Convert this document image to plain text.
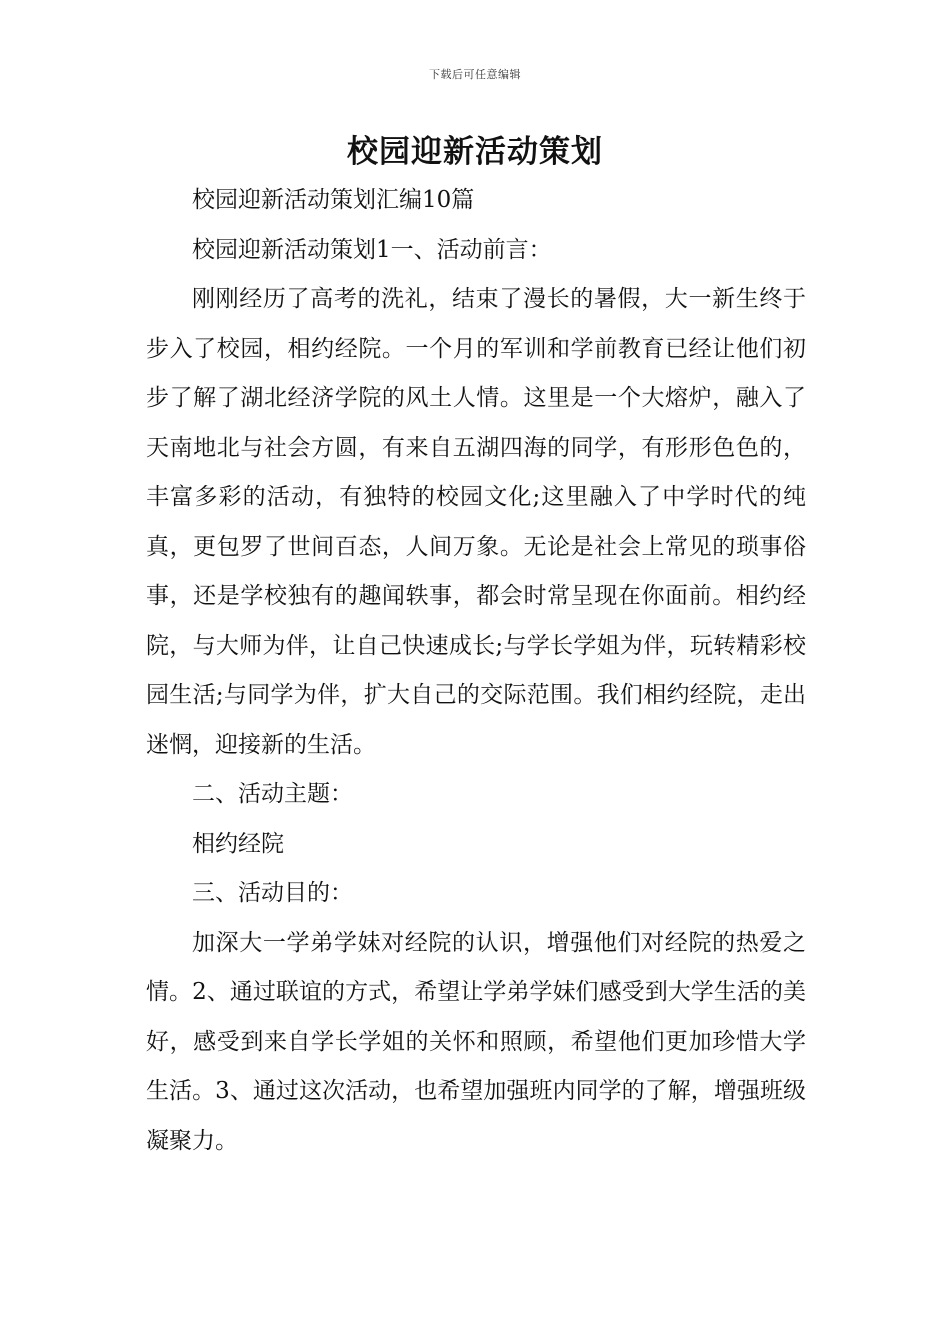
下载后可任意编辑
校园迎新活动策划

校园迎新活动策划汇编10篇

校园迎新活动策划1一、活动前言：

刚刚经历了高考的洗礼，结束了漫长的暑假，大一新生终于步入了校园，相约经院。一个月的军训和学前教育已经让他们初步了解了湖北经济学院的风土人情。这里是一个大熔炉，融入了天南地北与社会方圆，有来自五湖四海的同学，有形形色色的，丰富多彩的活动，有独特的校园文化;这里融入了中学时代的纯真，更包罗了世间百态，人间万象。无论是社会上常见的琐事俗事，还是学校独有的趣闻轶事，都会时常呈现在你面前。相约经院，与大师为伴，让自己快速成长;与学长学姐为伴，玩转精彩校园生活;与同学为伴，扩大自己的交际范围。我们相约经院，走出迷惘，迎接新的生活。

二、活动主题：

相约经院

三、活动目的：

加深大一学弟学妹对经院的认识，增强他们对经院的热爱之情。2、通过联谊的方式，希望让学弟学妹们感受到大学生活的美好，感受到来自学长学姐的关怀和照顾，希望他们更加珍惜大学生活。3、通过这次活动，也希望加强班内同学的了解，增强班级凝聚力。
